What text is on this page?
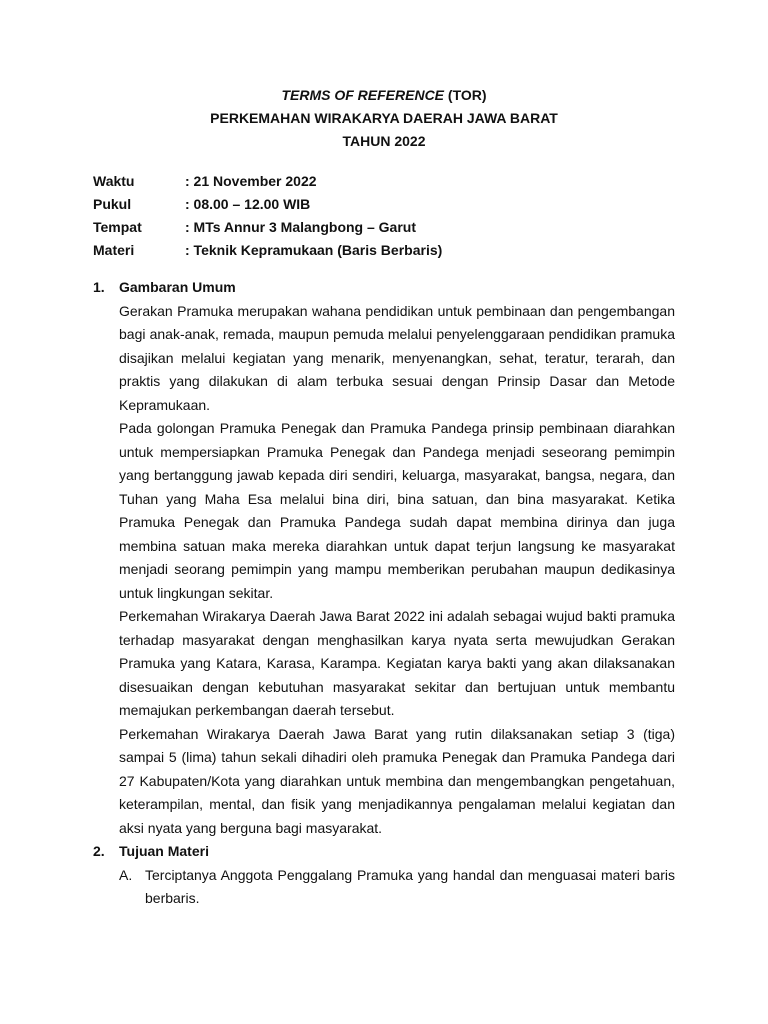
TERMS OF REFERENCE (TOR)
PERKEMAHAN WIRAKARYA DAERAH JAWA BARAT
TAHUN 2022
Waktu	: 21 November 2022
Pukul	: 08.00 – 12.00 WIB
Tempat	: MTs Annur 3 Malangbong – Garut
Materi	: Teknik Kepramukaan (Baris Berbaris)
1.	Gambaran Umum
Gerakan Pramuka merupakan wahana pendidikan untuk pembinaan dan pengembangan bagi anak-anak, remada, maupun pemuda melalui penyelenggaraan pendidikan pramuka disajikan melalui kegiatan yang menarik, menyenangkan, sehat, teratur, terarah, dan praktis yang dilakukan di alam terbuka sesuai dengan Prinsip Dasar dan Metode Kepramukaan.
Pada golongan Pramuka Penegak dan Pramuka Pandega prinsip pembinaan diarahkan untuk mempersiapkan Pramuka Penegak dan Pandega menjadi seseorang pemimpin yang bertanggung jawab kepada diri sendiri, keluarga, masyarakat, bangsa, negara, dan Tuhan yang Maha Esa melalui bina diri, bina satuan, dan bina masyarakat. Ketika Pramuka Penegak dan Pramuka Pandega sudah dapat membina dirinya dan juga membina satuan maka mereka diarahkan untuk dapat terjun langsung ke masyarakat menjadi seorang pemimpin yang mampu memberikan perubahan maupun dedikasinya untuk lingkungan sekitar.
Perkemahan Wirakarya Daerah Jawa Barat 2022 ini adalah sebagai wujud bakti pramuka terhadap masyarakat dengan menghasilkan karya nyata serta mewujudkan Gerakan Pramuka yang Katara, Karasa, Karampa. Kegiatan karya bakti yang akan dilaksanakan disesuaikan dengan kebutuhan masyarakat sekitar dan bertujuan untuk membantu memajukan perkembangan daerah tersebut.
Perkemahan Wirakarya Daerah Jawa Barat yang rutin dilaksanakan setiap 3 (tiga) sampai 5 (lima) tahun sekali dihadiri oleh pramuka Penegak dan Pramuka Pandega dari 27 Kabupaten/Kota yang diarahkan untuk membina dan mengembangkan pengetahuan, keterampilan, mental, dan fisik yang menjadikannya pengalaman melalui kegiatan dan aksi nyata yang berguna bagi masyarakat.
2.	Tujuan Materi
A. Terciptanya Anggota Penggalang Pramuka yang handal dan menguasai materi baris berbaris.
